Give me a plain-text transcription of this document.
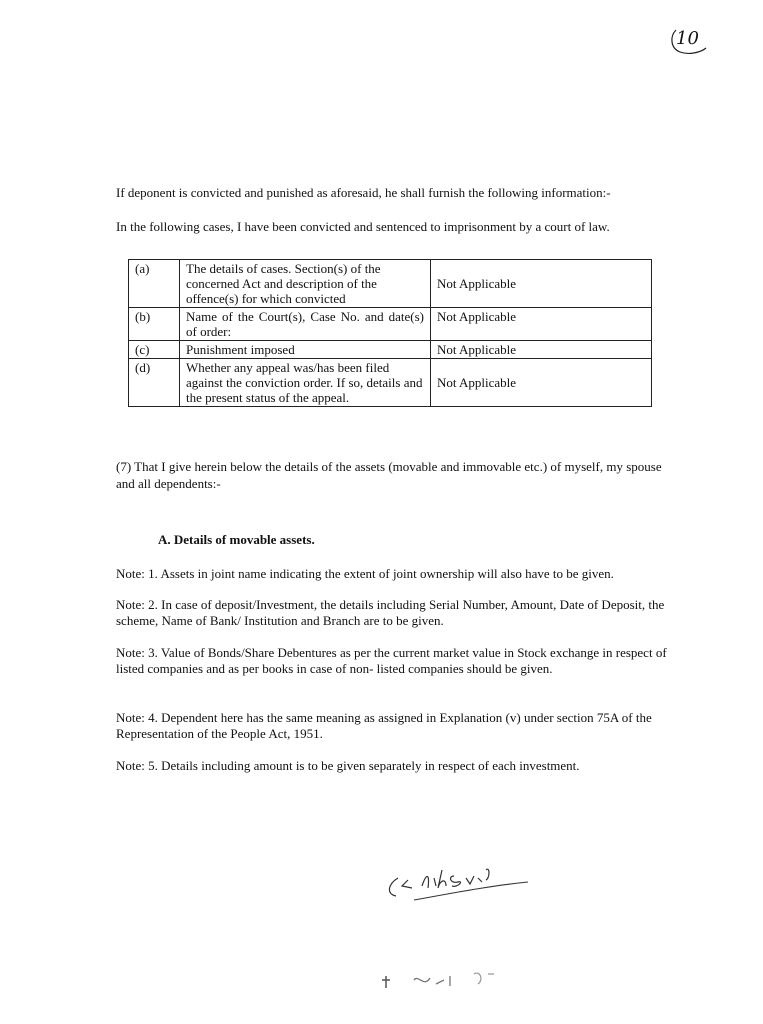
10

If deponent is convicted and punished as aforesaid, he shall furnish the following information:-

In the following cases, I have been convicted and sentenced to imprisonment by a court of law.

(a)	The details of cases. Section(s) of the concerned Act and description of the offence(s) for which convicted	Not Applicable
(b)	Name of the Court(s), Case No. and date(s) of order:	Not Applicable
(c)	Punishment imposed	Not Applicable
(d)	Whether any appeal was/has been filed against the conviction order. If so, details and the present status of the appeal.	Not Applicable

(7) That I give herein below the details of the assets (movable and immovable etc.) of myself, my spouse and all dependents:-

A. Details of movable assets.

Note: 1. Assets in joint name indicating the extent of joint ownership will also have to be given.
Note: 2. In case of deposit/Investment, the details including Serial Number, Amount, Date of Deposit, the scheme, Name of Bank/ Institution and Branch are to be given.
Note: 3. Value of Bonds/Share Debentures as per the current market value in Stock exchange in respect of listed companies and as per books in case of non- listed companies should be given.
Note: 4. Dependent here has the same meaning as assigned in Explanation (v) under section 75A of the Representation of the People Act, 1951.
Note: 5. Details including amount is to be given separately in respect of each investment.
